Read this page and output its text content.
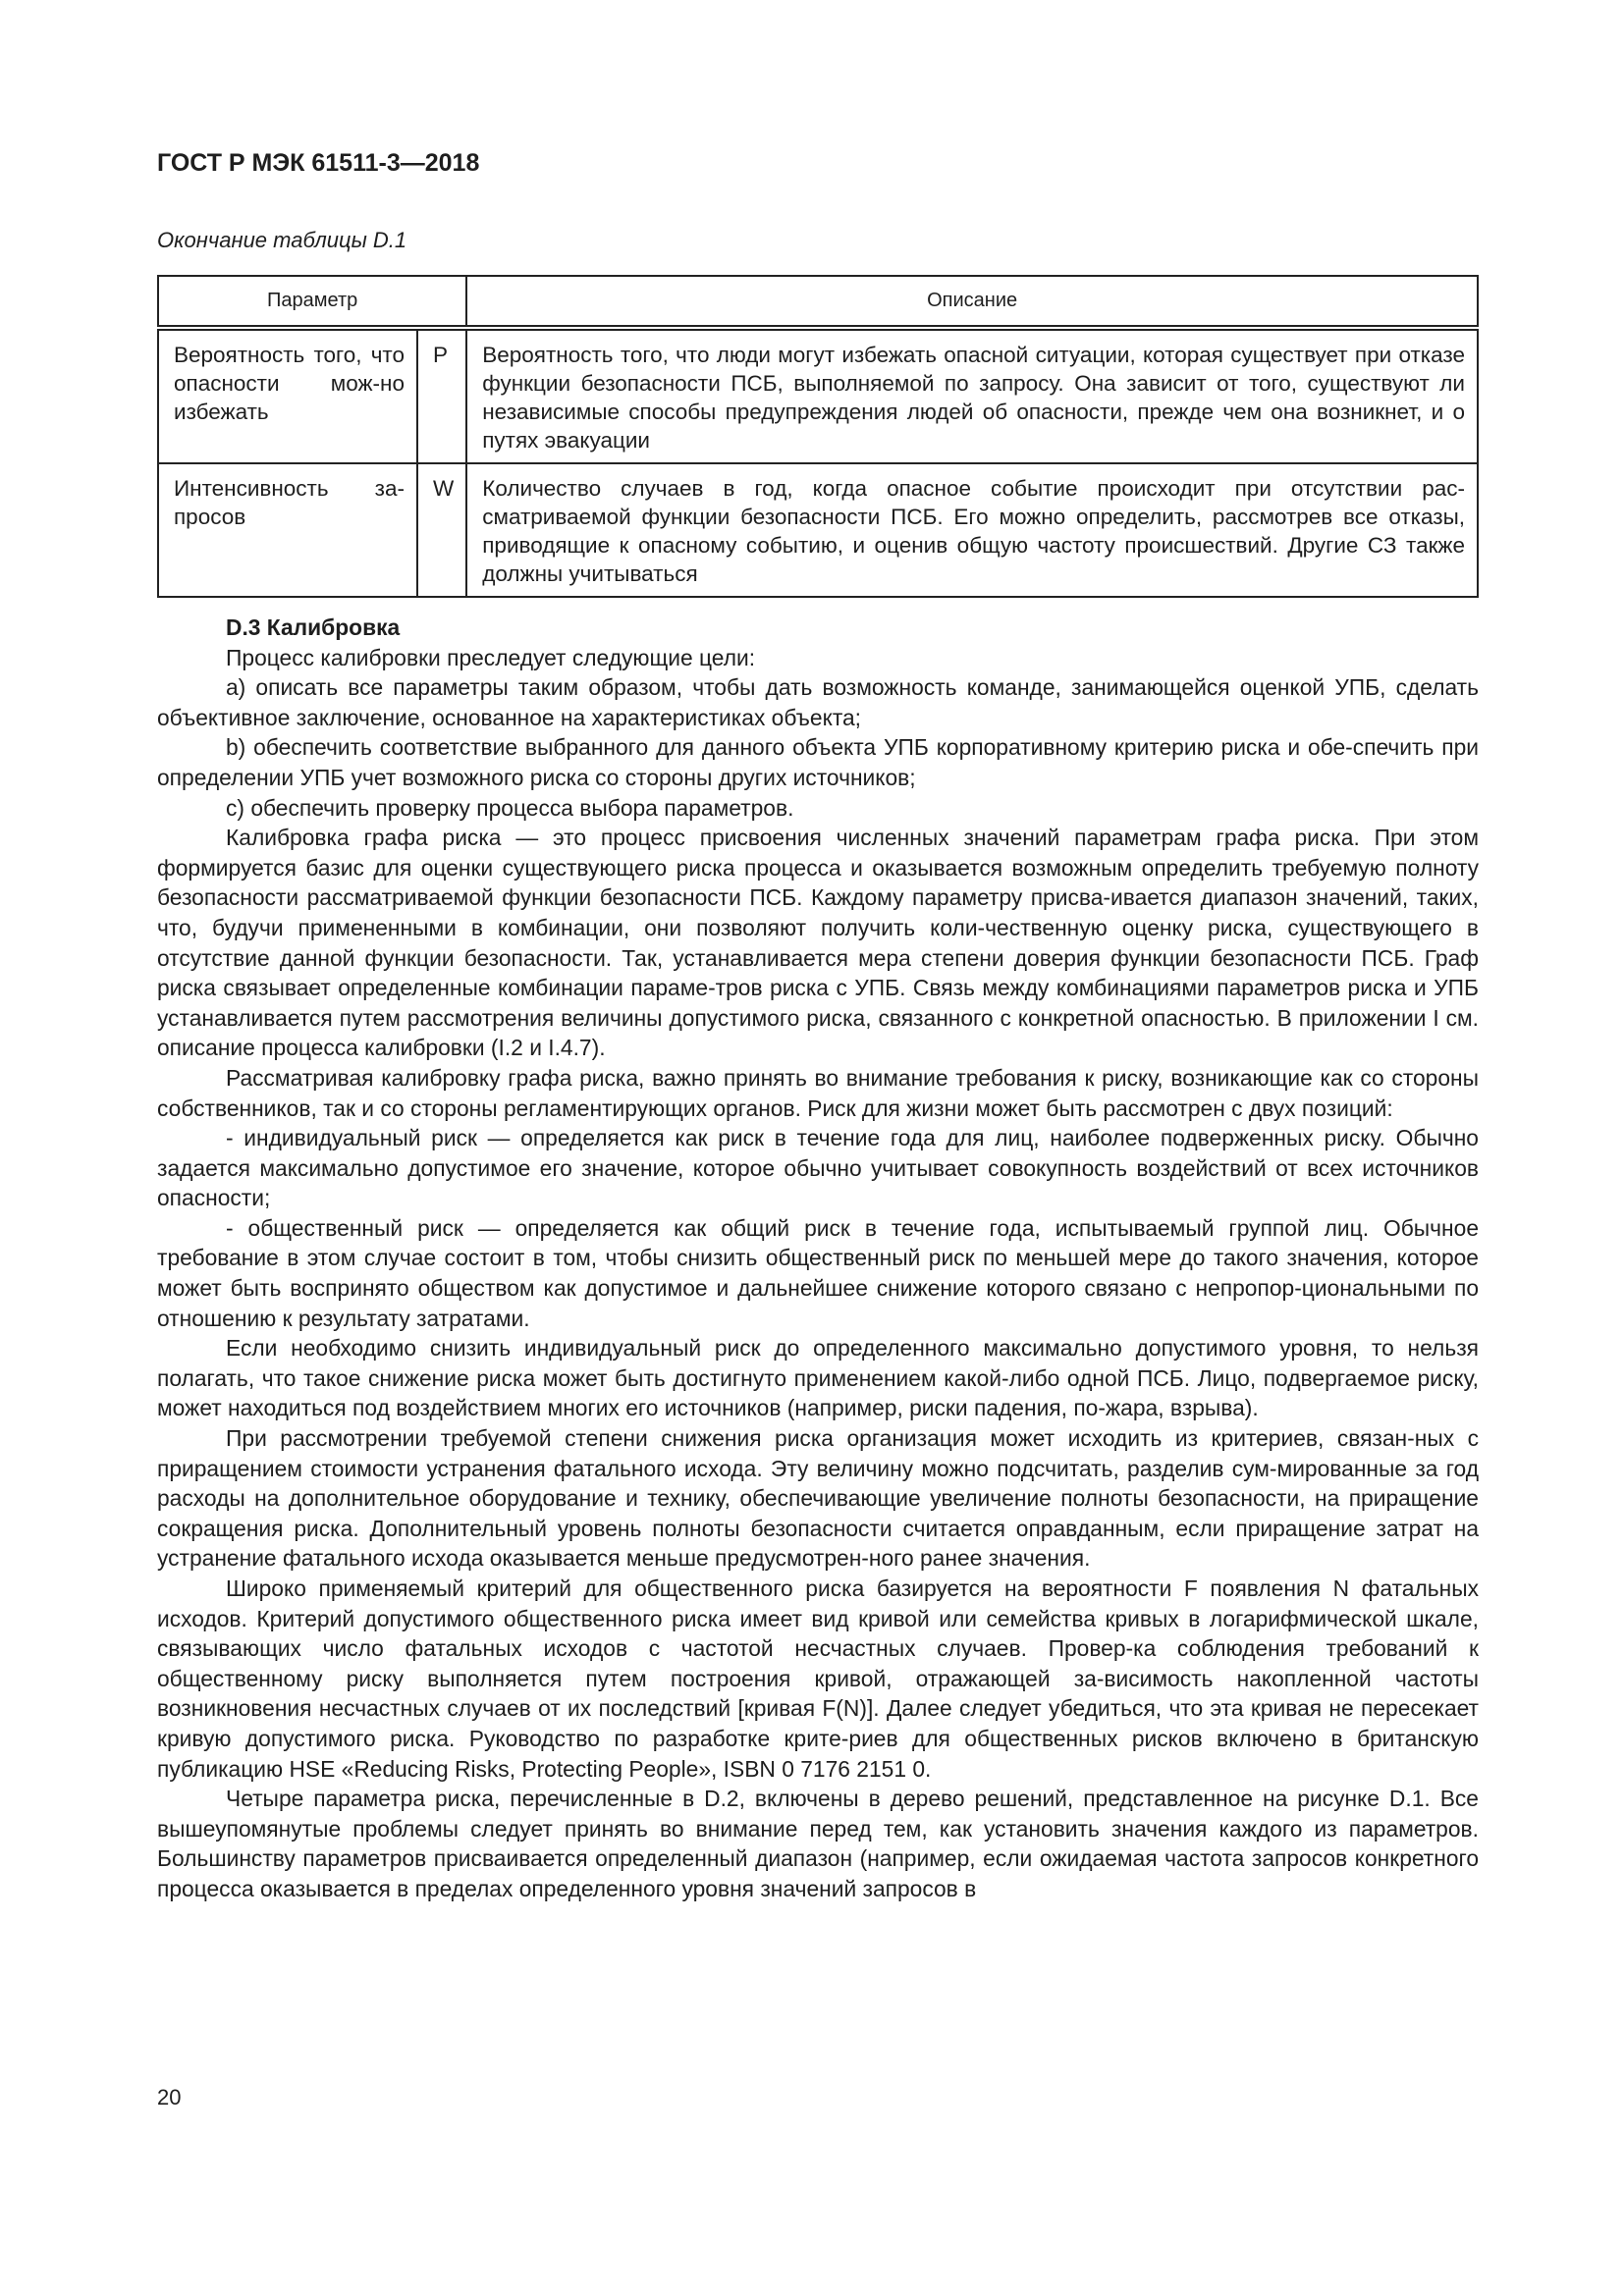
ГОСТ Р МЭК 61511-3—2018
Окончание таблицы D.1
Параметр		Описание
Вероятность того, что опасности мож-но избежать	P	Вероятность того, что люди могут избежать опасной ситуации, которая существует при отказе функции безопасности ПСБ, выполняемой по запросу. Она зависит от того, существуют ли независимые способы предупреждения людей об опасности, прежде чем она возникнет, и о путях эвакуации
Интенсивность за-просов	W	Количество случаев в год, когда опасное событие происходит при отсутствии рас-сматриваемой функции безопасности ПСБ. Его можно определить, рассмотрев все отказы, приводящие к опасному событию, и оценив общую частоту происшествий. Другие СЗ также должны учитываться
D.3 Калибровка

Процесс калибровки преследует следующие цели:

a) описать все параметры таким образом, чтобы дать возможность команде, занимающейся оценкой УПБ, сделать объективное заключение, основанное на характеристиках объекта;

b) обеспечить соответствие выбранного для данного объекта УПБ корпоративному критерию риска и обе-спечить при определении УПБ учет возможного риска со стороны других источников;

c) обеспечить проверку процесса выбора параметров.

Калибровка графа риска — это процесс присвоения численных значений параметрам графа риска. При этом формируется базис для оценки существующего риска процесса и оказывается возможным определить требуемую полноту безопасности рассматриваемой функции безопасности ПСБ. Каждому параметру присва-ивается диапазон значений, таких, что, будучи примененными в комбинации, они позволяют получить коли-чественную оценку риска, существующего в отсутствие данной функции безопасности. Так, устанавливается мера степени доверия функции безопасности ПСБ. Граф риска связывает определенные комбинации параме-тров риска с УПБ. Связь между комбинациями параметров риска и УПБ устанавливается путем рассмотрения величины допустимого риска, связанного с конкретной опасностью. В приложении I см. описание процесса калибровки (I.2 и I.4.7).

Рассматривая калибровку графа риска, важно принять во внимание требования к риску, возникающие как со стороны собственников, так и со стороны регламентирующих органов. Риск для жизни может быть рассмотрен с двух позиций:

- индивидуальный риск — определяется как риск в течение года для лиц, наиболее подверженных риску. Обычно задается максимально допустимое его значение, которое обычно учитывает совокупность воздействий от всех источников опасности;

- общественный риск — определяется как общий риск в течение года, испытываемый группой лиц. Обычное требование в этом случае состоит в том, чтобы снизить общественный риск по меньшей мере до такого значения, которое может быть воспринято обществом как допустимое и дальнейшее снижение которого связано с непропор-циональными по отношению к результату затратами.

Если необходимо снизить индивидуальный риск до определенного максимально допустимого уровня, то нельзя полагать, что такое снижение риска может быть достигнуто применением какой-либо одной ПСБ. Лицо, подвергаемое риску, может находиться под воздействием многих его источников (например, риски падения, по-жара, взрыва).

При рассмотрении требуемой степени снижения риска организация может исходить из критериев, связан-ных с приращением стоимости устранения фатального исхода. Эту величину можно подсчитать, разделив сум-мированные за год расходы на дополнительное оборудование и технику, обеспечивающие увеличение полноты безопасности, на приращение сокращения риска. Дополнительный уровень полноты безопасности считается оправданным, если приращение затрат на устранение фатального исхода оказывается меньше предусмотрен-ного ранее значения.

Широко применяемый критерий для общественного риска базируется на вероятности F появления N фатальных исходов. Критерий допустимого общественного риска имеет вид кривой или семейства кривых в логарифмической шкале, связывающих число фатальных исходов с частотой несчастных случаев. Провер-ка соблюдения требований к общественному риску выполняется путем построения кривой, отражающей за-висимость накопленной частоты возникновения несчастных случаев от их последствий [кривая F(N)]. Далее следует убедиться, что эта кривая не пересекает кривую допустимого риска. Руководство по разработке крите-риев для общественных рисков включено в британскую публикацию HSE «Reducing Risks, Protecting People», ISBN 0 7176 2151 0.

Четыре параметра риска, перечисленные в D.2, включены в дерево решений, представленное на рисунке D.1. Все вышеупомянутые проблемы следует принять во внимание перед тем, как установить значения каждого из параметров. Большинству параметров присваивается определенный диапазон (например, если ожидаемая частота запросов конкретного процесса оказывается в пределах определенного уровня значений запросов в

20
